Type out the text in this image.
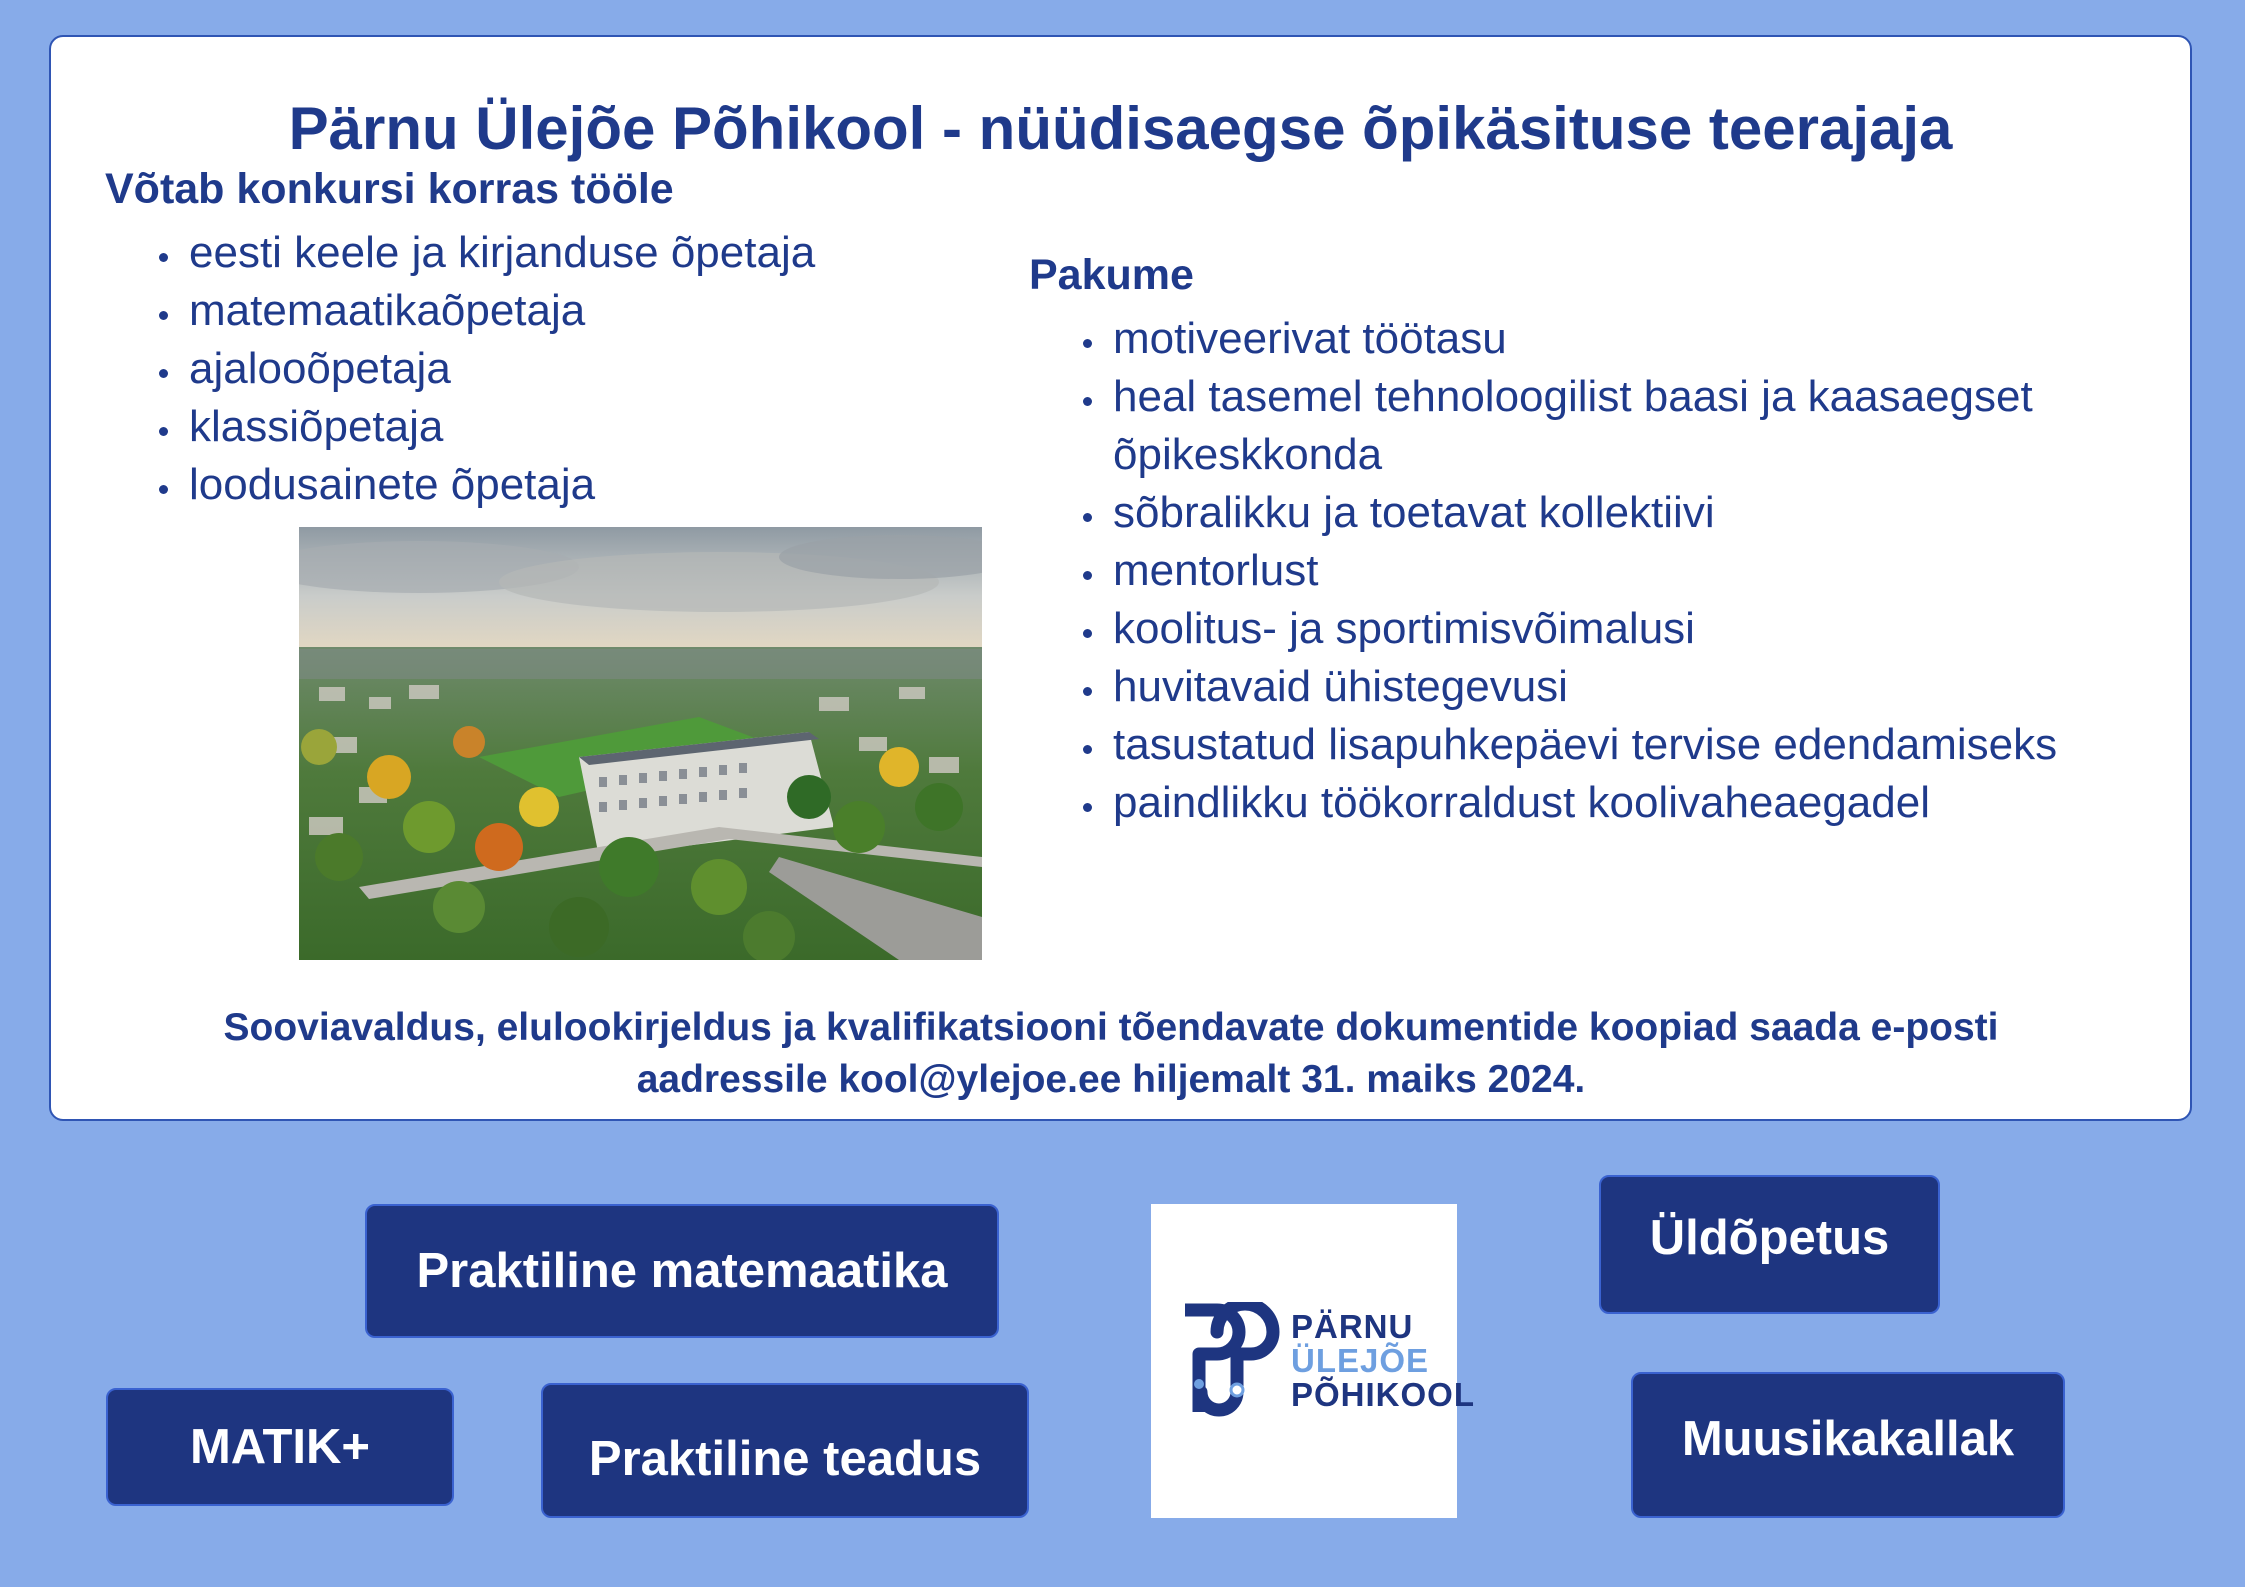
Pärnu Ülejõe Põhikool - nüüdisaegse õpikäsituse teerajaja
Võtab konkursi korras tööle
eesti keele ja kirjanduse õpetaja
matemaatikaõpetaja
ajalooõpetaja
klassiõpetaja
loodusainete õpetaja
Pakume
motiveerivat töötasu
heal tasemel tehnoloogilist baasi ja kaasaegset õpikeskkonda
sõbralikku ja toetavat kollektiivi
mentorlust
koolitus- ja sportimisvõimalusi
huvitavaid ühistegevusi
tasustatud lisapuhkepäevi tervise edendamiseks
paindlikku töökorraldust koolivaheaegadel
Sooviavaldus, elulookirjeldus ja kvalifikatsiooni tõendavate dokumentide koopiad saada e-posti
aadressile kool@ylejoe.ee hiljemalt 31. maiks 2024.
Praktiline matemaatika
MATIK+	Praktiline teadus
Üldõpetus
Muusikakallak
PÄRNU
ÜLEJÕE
PÕHIKOOL
